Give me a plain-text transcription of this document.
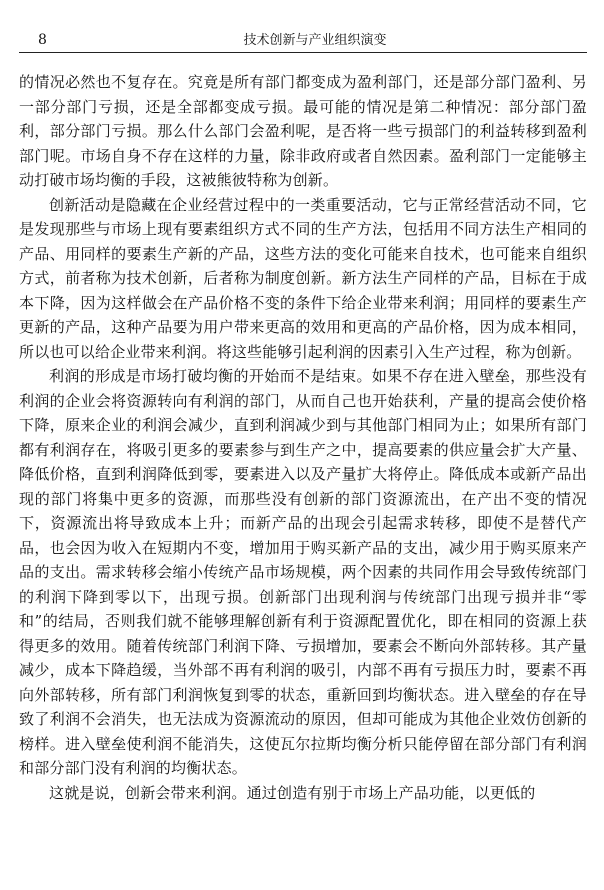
8	技术创新与产业组织演变

的情况必然也不复存在。究竟是所有部门都变成为盈利部门，还是部分部门盈利、另一部分部门亏损，还是全部都变成亏损。最可能的情况是第二种情况：部分部门盈利，部分部门亏损。那么什么部门会盈利呢，是否将一些亏损部门的利益转移到盈利部门呢。市场自身不存在这样的力量，除非政府或者自然因素。盈利部门一定能够主动打破市场均衡的手段，这被熊彼特称为创新。

创新活动是隐藏在企业经营过程中的一类重要活动，它与正常经营活动不同，它是发现那些与市场上现有要素组织方式不同的生产方法，包括用不同方法生产相同的产品、用同样的要素生产新的产品，这些方法的变化可能来自技术，也可能来自组织方式，前者称为技术创新，后者称为制度创新。新方法生产同样的产品，目标在于成本下降，因为这样做会在产品价格不变的条件下给企业带来利润；用同样的要素生产更新的产品，这种产品要为用户带来更高的效用和更高的产品价格，因为成本相同，所以也可以给企业带来利润。将这些能够引起利润的因素引入生产过程，称为创新。

利润的形成是市场打破均衡的开始而不是结束。如果不存在进入壁垒，那些没有利润的企业会将资源转向有利润的部门，从而自己也开始获利，产量的提高会使价格下降，原来企业的利润会减少，直到利润减少到与其他部门相同为止；如果所有部门都有利润存在，将吸引更多的要素参与到生产之中，提高要素的供应量会扩大产量、降低价格，直到利润降低到零，要素进入以及产量扩大将停止。降低成本或新产品出现的部门将集中更多的资源，而那些没有创新的部门资源流出，在产出不变的情况下，资源流出将导致成本上升；而新产品的出现会引起需求转移，即使不是替代产品，也会因为收入在短期内不变，增加用于购买新产品的支出，减少用于购买原来产品的支出。需求转移会缩小传统产品市场规模，两个因素的共同作用会导致传统部门的利润下降到零以下，出现亏损。创新部门出现利润与传统部门出现亏损并非“零和”的结局，否则我们就不能够理解创新有利于资源配置优化，即在相同的资源上获得更多的效用。随着传统部门利润下降、亏损增加，要素会不断向外部转移。其产量减少，成本下降趋缓，当外部不再有利润的吸引，内部不再有亏损压力时，要素不再向外部转移，所有部门利润恢复到零的状态，重新回到均衡状态。进入壁垒的存在导致了利润不会消失，也无法成为资源流动的原因，但却可能成为其他企业效仿创新的榜样。进入壁垒使利润不能消失，这使瓦尔拉斯均衡分析只能停留在部分部门有利润和部分部门没有利润的均衡状态。

这就是说，创新会带来利润。通过创造有别于市场上产品功能，以更低的
